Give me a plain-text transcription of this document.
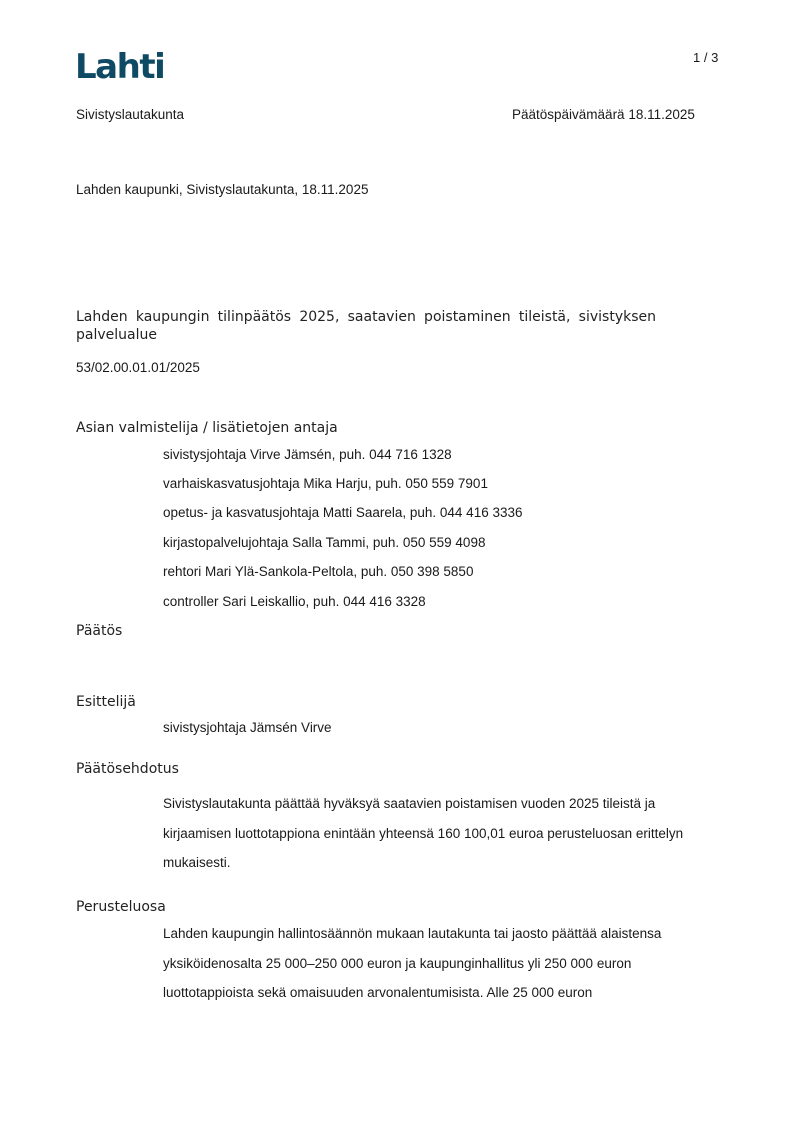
Lahti	1 / 3
Sivistyslautakunta	Päätöspäivämäärä 18.11.2025
Lahden kaupunki, Sivistyslautakunta, 18.11.2025
Lahden kaupungin tilinpäätös 2025, saatavien poistaminen tileistä, sivistyksen palvelualue
53/02.00.01.01/2025
Asian valmistelija / lisätietojen antaja
sivistysjohtaja Virve Jämsén, puh. 044 716 1328
varhaiskasvatusjohtaja Mika Harju, puh. 050 559 7901
opetus- ja kasvatusjohtaja Matti Saarela, puh. 044 416 3336
kirjastopalvelujohtaja Salla Tammi, puh. 050 559 4098
rehtori Mari Ylä-Sankola-Peltola, puh. 050 398 5850
controller Sari Leiskallio, puh. 044 416 3328
Päätös
Esittelijä
sivistysjohtaja Jämsén Virve
Päätösehdotus
Sivistyslautakunta päättää hyväksyä saatavien poistamisen vuoden 2025 tileistä ja kirjaamisen luottotappiona enintään yhteensä 160 100,01 euroa perusteluosan erittelyn mukaisesti.
Perusteluosa
Lahden kaupungin hallintosäännön mukaan lautakunta tai jaosto päättää alaistensa yksiköidenosalta 25 000–250 000 euron ja kaupunginhallitus yli 250 000 euron luottotappioista sekä omaisuuden arvonalentumisista. Alle 25 000 euron
